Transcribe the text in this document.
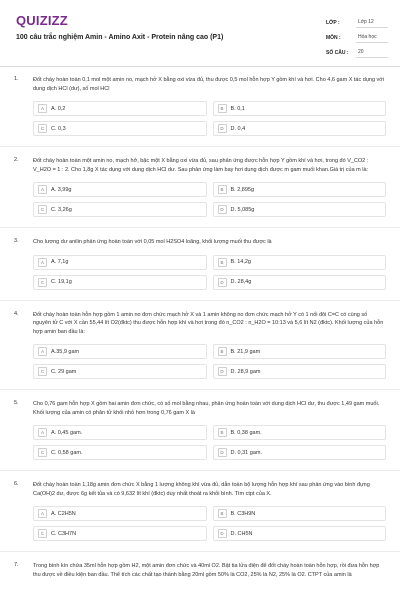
QUIZIZZ
100 câu trắc nghiệm Amin - Amino Axit - Protein nâng cao (P1)
LỚP :	Lớp 12
MÔN :	Hóa học
SỐ CÂU :	20
1.	Đốt cháy hoàn toàn 0,1 mol một amin no, mạch hở X bằng oxi vừa đủ, thu được 0,5 mol hỗn hợp Y gồm khí và hơi. Cho 4,6 gam X tác dụng với dung dịch HCl (dư), số mol HCl
A	A. 0,2	B	B. 0,1
C	C. 0,3	D	D. 0,4
2.	Đốt cháy hoàn toàn một amin no, mạch hở, bậc một X bằng oxi vừa đủ, sau phản ứng được hỗn hợp Y gồm khí và hơi, trong đó V_CO2 : V_H2O = 1 : 2. Cho 1,8g X tác dụng với dung dịch HCl dư. Sau phản ứng làm bay hơi dung dịch được m gam muối khan.Giá trị của m là:
A	A. 3,99g	B	B. 2,895g
C	C. 3,26g	D	D. 5,085g
3.	Cho lượng dư anilin phản ứng hoàn toàn với 0,05 mol H2SO4 loãng, khối lượng muối thu được là
A	A. 7,1g	B	B. 14,2g
C	C. 19,1g	D	D. 28,4g
4.	Đốt cháy hoàn toàn hỗn hợp gồm 1 amin no đơn chức mạch hở X và 1 amin không no đơn chức mạch hở Y có 1 nối đôi C=C có cùng số nguyên tử C với X cần 55,44 lít O2(đktc) thu được hỗn hợp khí và hơi trong đó n_CO2 : n_H2O = 10:13 và 5,6 lít N2 (đktc). Khối lượng của hỗn hợp amin ban đầu là:
A	A.35,9 gam	B	B. 21,9 gam
C	C. 29 gam	D	D. 28,9 gam
5.	Cho 0,76 gam hỗn hợp X gồm hai amin đơn chức, có số mol bằng nhau, phản ứng hoàn toàn với dung dịch HCl dư, thu được 1,49 gam muối. Khối lượng của amin có phân tử khối nhỏ hơn trong 0,76 gam X là
A	A. 0,45 gam.	B	B. 0,38 gam.
C	C. 0,58 gam.	D	D. 0,31 gam.
6.	Đốt cháy hoàn toàn 1,18g amin đơn chức X bằng 1 lượng không khí vừa đủ, dẫn toàn bộ lượng hỗn hợp khí sau phản ứng vào bình đựng Ca(OH)2 dư, được 6g kết tủa và có 9,632 lít khí (đktc) duy nhất thoát ra khỏi bình. Tìm ctpt của X.
A	A. C2H5N	B	B. C3H9N
C	C. C3H7N	D	D. CH5N
7.	Trong bình kín chứa 35ml hỗn hợp gồm H2, một amin đơn chức và 40ml O2. Bật tia lửa điện để đốt cháy hoàn toàn hỗn hợp, rồi đưa hỗn hợp thu được về điều kiện ban đầu. Thể tích các chất tạo thành bằng 20ml gồm 50% là CO2, 25% là N2, 25% là O2. CTPT của amin là
